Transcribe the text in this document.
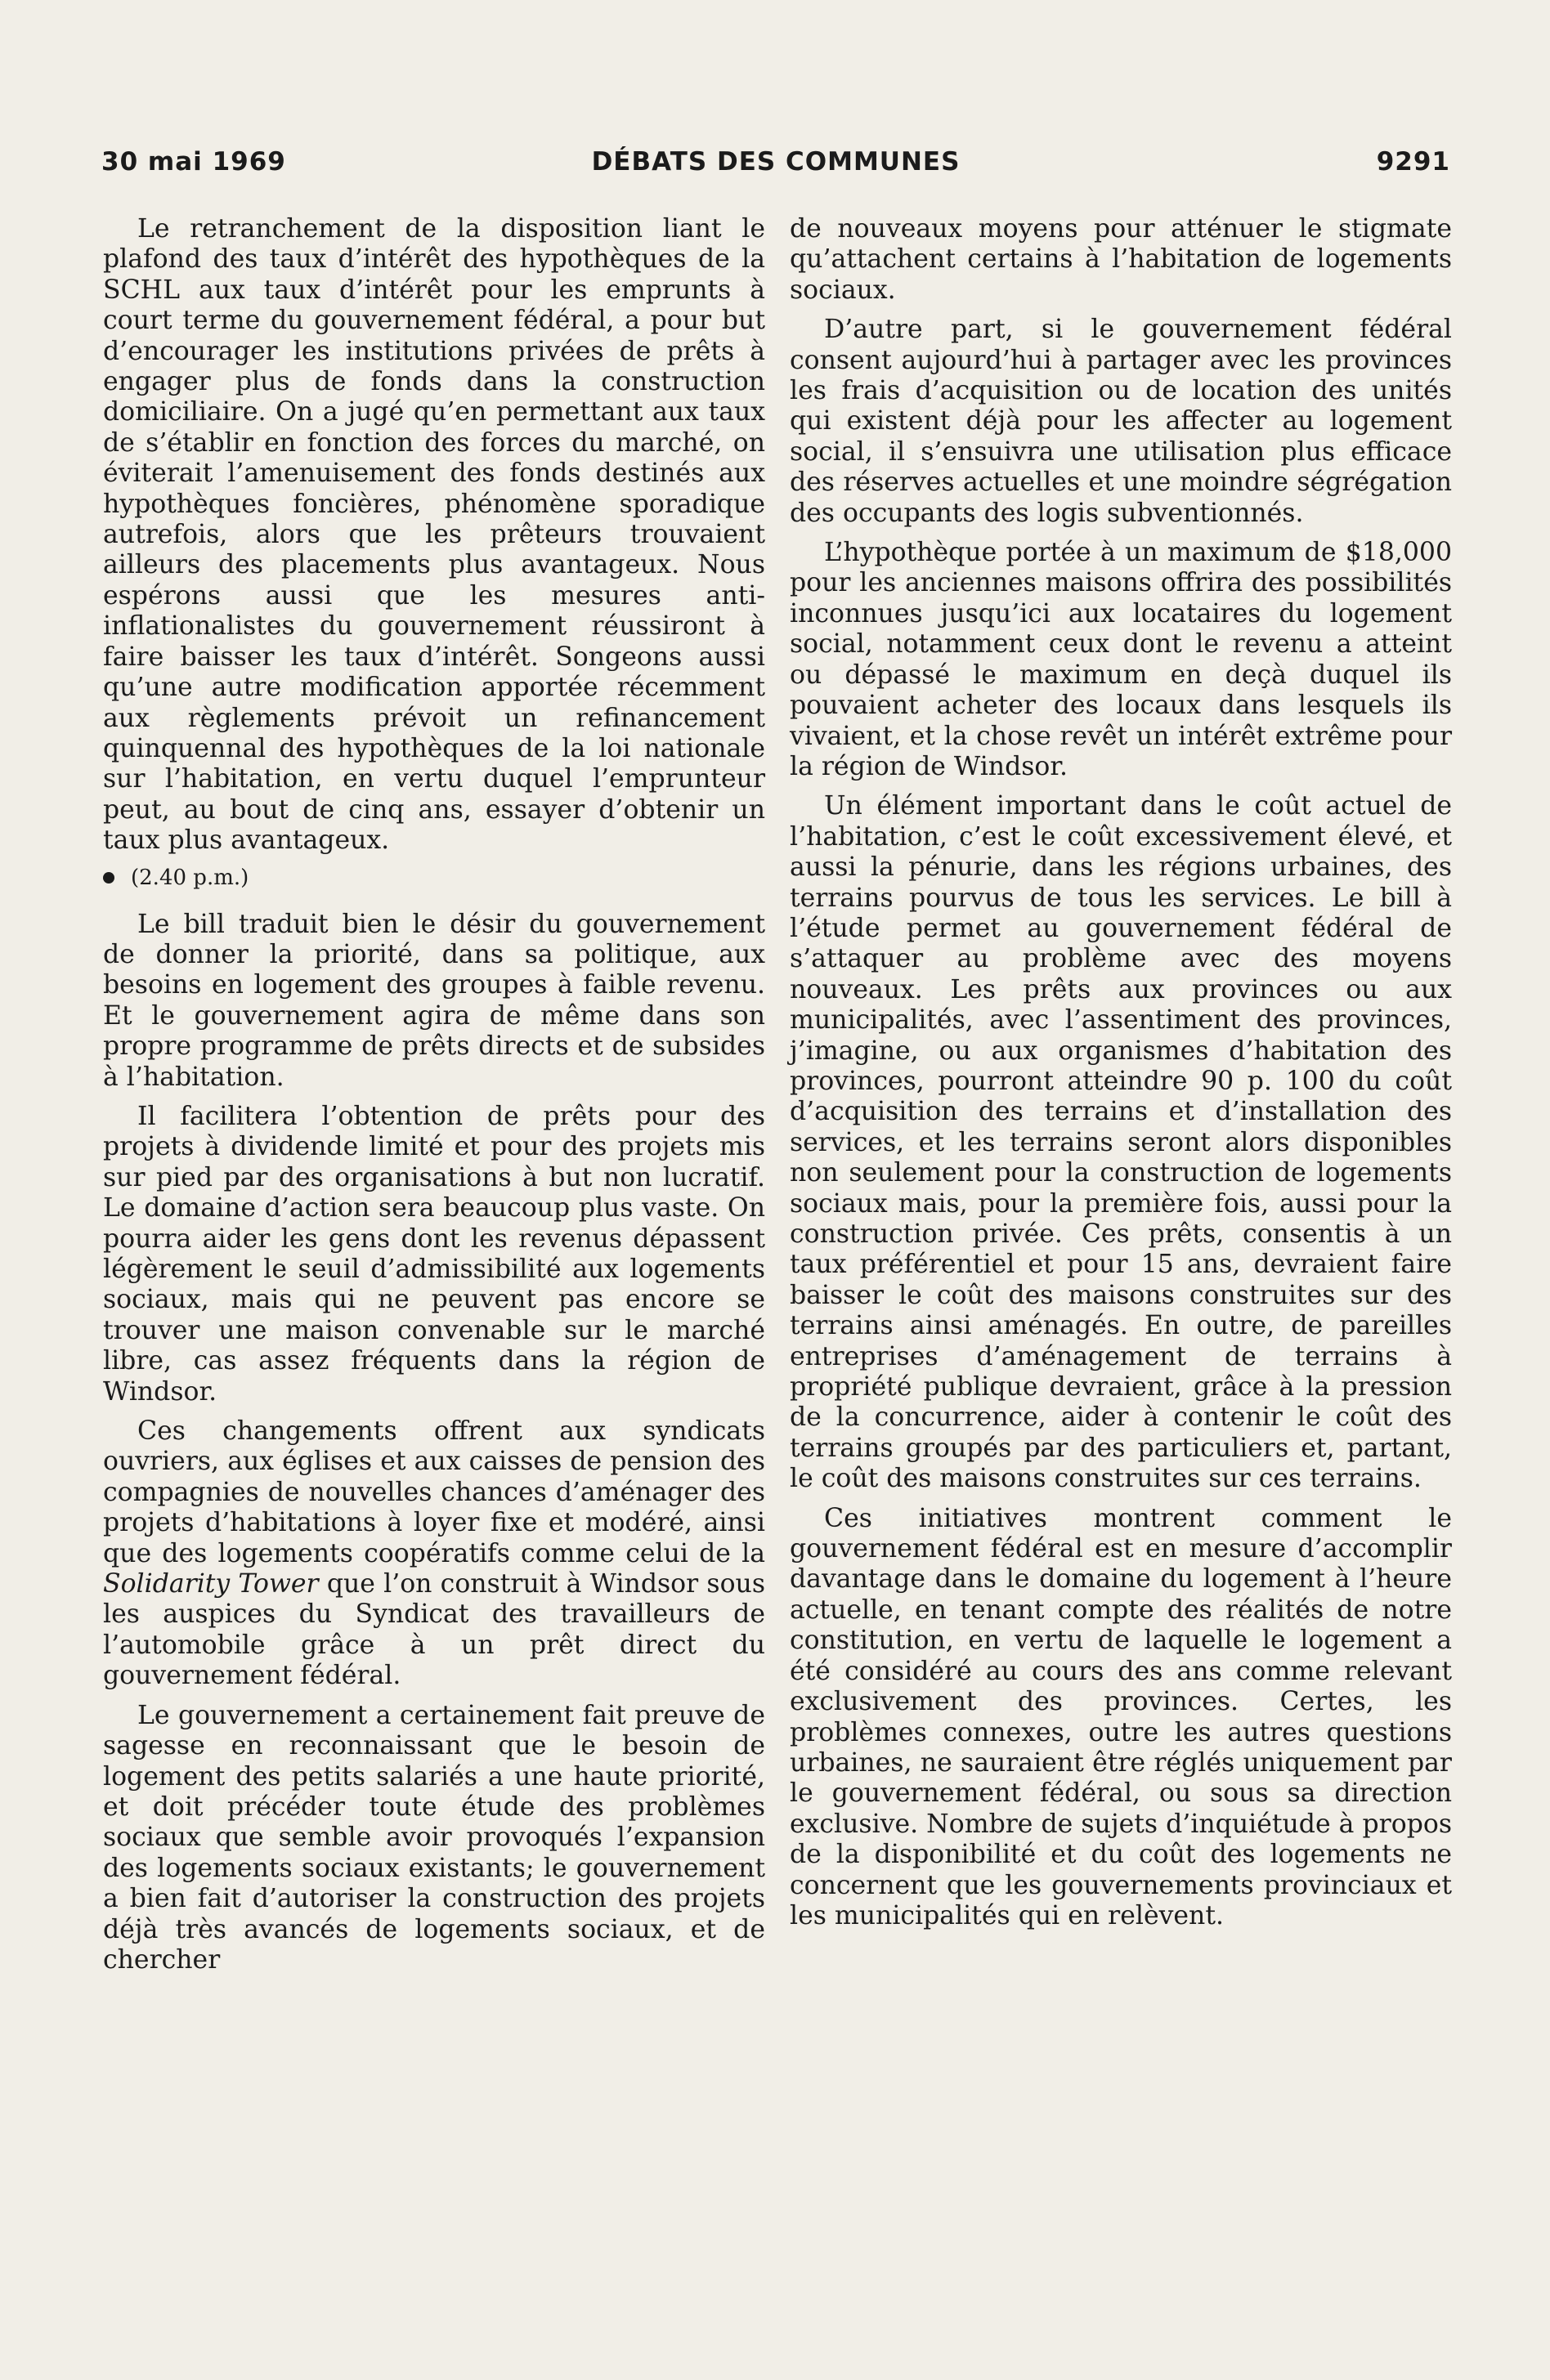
30 mai 1969	DÉBATS DES COMMUNES	9291

Le retranchement de la disposition liant le plafond des taux d’intérêt des hypothèques de la SCHL aux taux d’intérêt pour les emprunts à court terme du gouvernement fédéral, a pour but d’encourager les institutions privées de prêts à engager plus de fonds dans la construction domiciliaire. On a jugé qu’en permettant aux taux de s’établir en fonction des forces du marché, on éviterait l’amenuisement des fonds destinés aux hypothèques foncières, phénomène sporadique autrefois, alors que les prêteurs trouvaient ailleurs des placements plus avantageux. Nous espérons aussi que les mesures anti-inflationalistes du gouvernement réussiront à faire baisser les taux d’intérêt. Songeons aussi qu’une autre modification apportée récemment aux règlements prévoit un refinancement quinquennal des hypothèques de la loi nationale sur l’habitation, en vertu duquel l’emprunteur peut, au bout de cinq ans, essayer d’obtenir un taux plus avantageux.

(2.40 p.m.)

Le bill traduit bien le désir du gouvernement de donner la priorité, dans sa politique, aux besoins en logement des groupes à faible revenu. Et le gouvernement agira de même dans son propre programme de prêts directs et de subsides à l’habitation.

Il facilitera l’obtention de prêts pour des projets à dividende limité et pour des projets mis sur pied par des organisations à but non lucratif. Le domaine d’action sera beaucoup plus vaste. On pourra aider les gens dont les revenus dépassent légèrement le seuil d’admissibilité aux logements sociaux, mais qui ne peuvent pas encore se trouver une maison convenable sur le marché libre, cas assez fréquents dans la région de Windsor.

Ces changements offrent aux syndicats ouvriers, aux églises et aux caisses de pension des compagnies de nouvelles chances d’aménager des projets d’habitations à loyer fixe et modéré, ainsi que des logements coopératifs comme celui de la Solidarity Tower que l’on construit à Windsor sous les auspices du Syndicat des travailleurs de l’automobile grâce à un prêt direct du gouvernement fédéral.

Le gouvernement a certainement fait preuve de sagesse en reconnaissant que le besoin de logement des petits salariés a une haute priorité, et doit précéder toute étude des problèmes sociaux que semble avoir provoqués l’expansion des logements sociaux existants; le gouvernement a bien fait d’autoriser la construction des projets déjà très avancés de logements sociaux, et de chercher

de nouveaux moyens pour atténuer le stigmate qu’attachent certains à l’habitation de logements sociaux.

D’autre part, si le gouvernement fédéral consent aujourd’hui à partager avec les provinces les frais d’acquisition ou de location des unités qui existent déjà pour les affecter au logement social, il s’ensuivra une utilisation plus efficace des réserves actuelles et une moindre ségrégation des occupants des logis subventionnés.

L’hypothèque portée à un maximum de $18,000 pour les anciennes maisons offrira des possibilités inconnues jusqu’ici aux locataires du logement social, notamment ceux dont le revenu a atteint ou dépassé le maximum en deçà duquel ils pouvaient acheter des locaux dans lesquels ils vivaient, et la chose revêt un intérêt extrême pour la région de Windsor.

Un élément important dans le coût actuel de l’habitation, c’est le coût excessivement élevé, et aussi la pénurie, dans les régions urbaines, des terrains pourvus de tous les services. Le bill à l’étude permet au gouvernement fédéral de s’attaquer au problème avec des moyens nouveaux. Les prêts aux provinces ou aux municipalités, avec l’assentiment des provinces, j’imagine, ou aux organismes d’habitation des provinces, pourront atteindre 90 p. 100 du coût d’acquisition des terrains et d’installation des services, et les terrains seront alors disponibles non seulement pour la construction de logements sociaux mais, pour la première fois, aussi pour la construction privée. Ces prêts, consentis à un taux préférentiel et pour 15 ans, devraient faire baisser le coût des maisons construites sur des terrains ainsi aménagés. En outre, de pareilles entreprises d’aménagement de terrains à propriété publique devraient, grâce à la pression de la concurrence, aider à contenir le coût des terrains groupés par des particuliers et, partant, le coût des maisons construites sur ces terrains.

Ces initiatives montrent comment le gouvernement fédéral est en mesure d’accomplir davantage dans le domaine du logement à l’heure actuelle, en tenant compte des réalités de notre constitution, en vertu de laquelle le logement a été considéré au cours des ans comme relevant exclusivement des provinces. Certes, les problèmes connexes, outre les autres questions urbaines, ne sauraient être réglés uniquement par le gouvernement fédéral, ou sous sa direction exclusive. Nombre de sujets d’inquiétude à propos de la disponibilité et du coût des logements ne concernent que les gouvernements provinciaux et les municipalités qui en relèvent.
